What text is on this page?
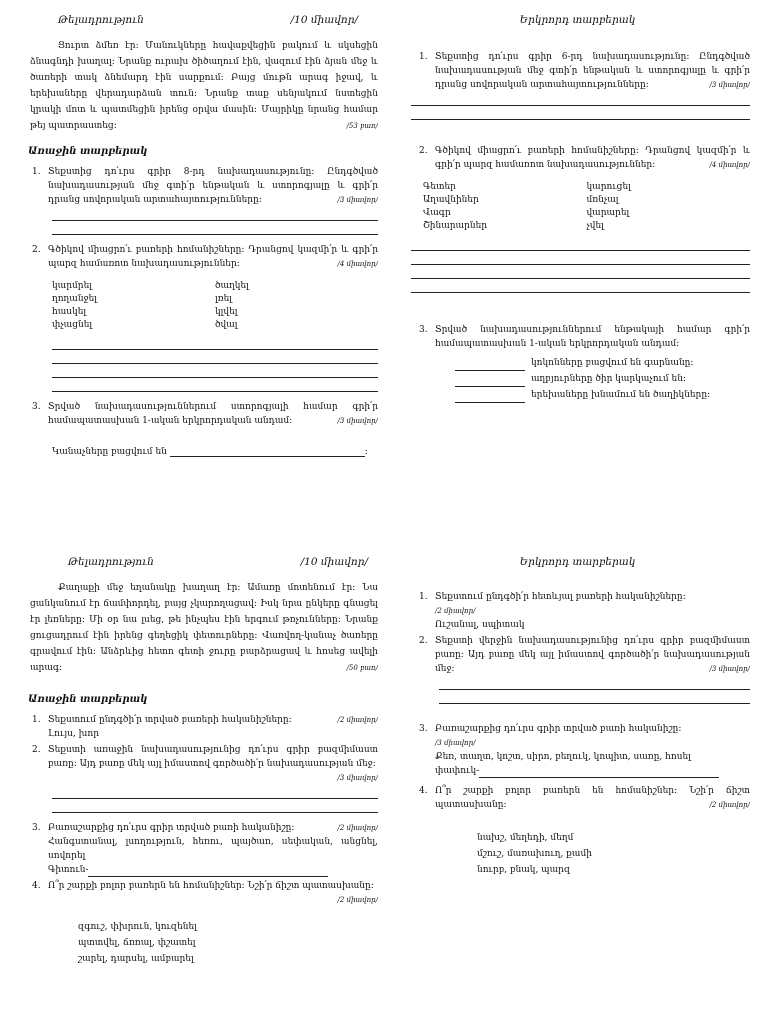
Թելադրություն	/10 միավոր/
Ցուրտ ձմեռ էր: Մանուկները հավաքվեցին բակում և սկսեցին ձնագնդի խաղալ: Նրանք ուրախ ծիծաղում էին, վազում էին ձյան մեջ և ծառերի տակ ձնեմարդ էին սարքում: Բայց մութն արագ իջավ, և երեխաները վերադարձան տուն: Նրանք տաք սենյակում նստեցին կրակի մոտ և պատմեցին իրենց օրվա մասին: Մայրիկը նրանց համար թեյ պատրաստեց:	/53 բառ/
Առաջին տարբերակ
1. Տեքստից դո՛ւրս գրիր 8-րդ նախադասությունը: Ընդգծված նախադասության մեջ գտի՛ր ենթական և ստորոգյալը և գրի՛ր դրանց սովորական արտահայտությունները:	/3 միավոր/
2. Գծիկով միացրո՛ւ բառերի հոմանիշները: Դրանցով կազմի՛ր և գրի՛ր պարզ համառոտ նախադասություններ:	/4 միավոր/
կարմրել	ծաղկել
ղողանջել	լռել
հասկել	կլվել
փչացնել	ծվալ
3. Տրված նախադասություններում ստորոգյալի համար գրի՛ր համապատասխան 1-ական երկրորդական անդամ:	/3 միավոր/
Կանաչները բացվում են	:
Երկրորդ տարբերակ
1. Տեքստից դո՛ւրս գրիր 6-րդ նախադասությունը: Ընդգծված նախադասության մեջ գտի՛ր ենթական և ստորոգյալը և գրի՛ր դրանց սովորական արտահայտությունները:	/3 միավոր/
2. Գծիկով միացրո՛ւ բառերի հոմանիշները: Դրանցով կազմի՛ր և գրի՛ր պարզ համառոտ նախադասություններ:	/4 միավոր/
Գետեր	կարուցել
Աղավնիներ	մռնչալ
Վագր	վարարել
Շինարարներ	չվել
3. Տրված նախադասություններում ենթակայի համար գրի՛ր համապատասխան 1-ական երկրորդական անդամ:
կոկոնները բացվում են գարնանը:
աղբյուրները ծիր կարկաչում են:
երեխաները խնամում են ծաղիկները:
Թելադրություն	/10 միավոր/
Քաղաքի մեջ եղանակը խաղաղ էր: Ամառը մոտենում էր: Նա ցանկանում էր ճամփորդել, բայց չկարողացավ: Իսկ նրա ընկերը գնացել էր լեռները: Մի օր նա լսեց, թե ինչպես էին երգում թռչունները: Նրանք ցուցադրում էին իրենց գեղեցիկ փետուրները: Վառվող-կանաչ ծառերը գրավում էին: Անձրևից հետո գետի ջուրը բարձրացավ և հոսեց ավելի արագ:	/50 բառ/
Առաջին տարբերակ
1. Տեքստում ընդգծի՛ր տրված բառերի հականիշները:	/2 միավոր/

Լույս, խոր
2. Տեքստի առաջին նախադասությունից դո՛ւրս գրիր բազմիմաստ բառը: Այդ բառը մեկ այլ իմաստով գործածի՛ր նախադասության մեջ:
/3 միավոր/
3. Բառաշարքից դո՛ւրս գրիր տրված բառի հականիշը:	/2 միավոր/

Հանգստանալ, լսողություն, հեռու, պայծառ, սեփական, անցնել, սովորել
Գիտուն-
4. Ո՞ր շարքի բոլոր բառերն են հոմանիշներ: Նշի՛ր ճիշտ պատասխանը:
/2 միավոր/
զգուշ, փխրուն, կուզենել
պտտվել, ճռռալ, փշատել
շարել, դարսել, ամբարել
Երկրորդ տարբերակ
1. Տեքստում ընդգծի՛ր հետևյալ բառերի հականիշները:
/2 միավոր/
Ուշանալ, սպիտակ
2. Տեքստի վերջին նախադասությունից դո՛ւրս գրիր բազմիմաստ բառը: Այդ բառը մեկ այլ իմաստով գործածի՛ր նախադասության մեջ:	/3 միավոր/
3. Բառաշարքից դո՛ւրս գրիր տրված բառի հականիշը:
/3 միավոր/
Քեռ, տաղտ, կոշտ, սիրո, բեղուկ, կոպիտ, սառը, հոսել
փափուկ-
4. Ո՞ր շարքի բոլոր բառերն են հոմանիշներ: Նշի՛ր ճիշտ պատասխանը:	/2 միավոր/
նախշ, մեղեդի, մեղմ
մշուշ, մառախուղ, քամի
նուրբ, բնակ, պարզ
